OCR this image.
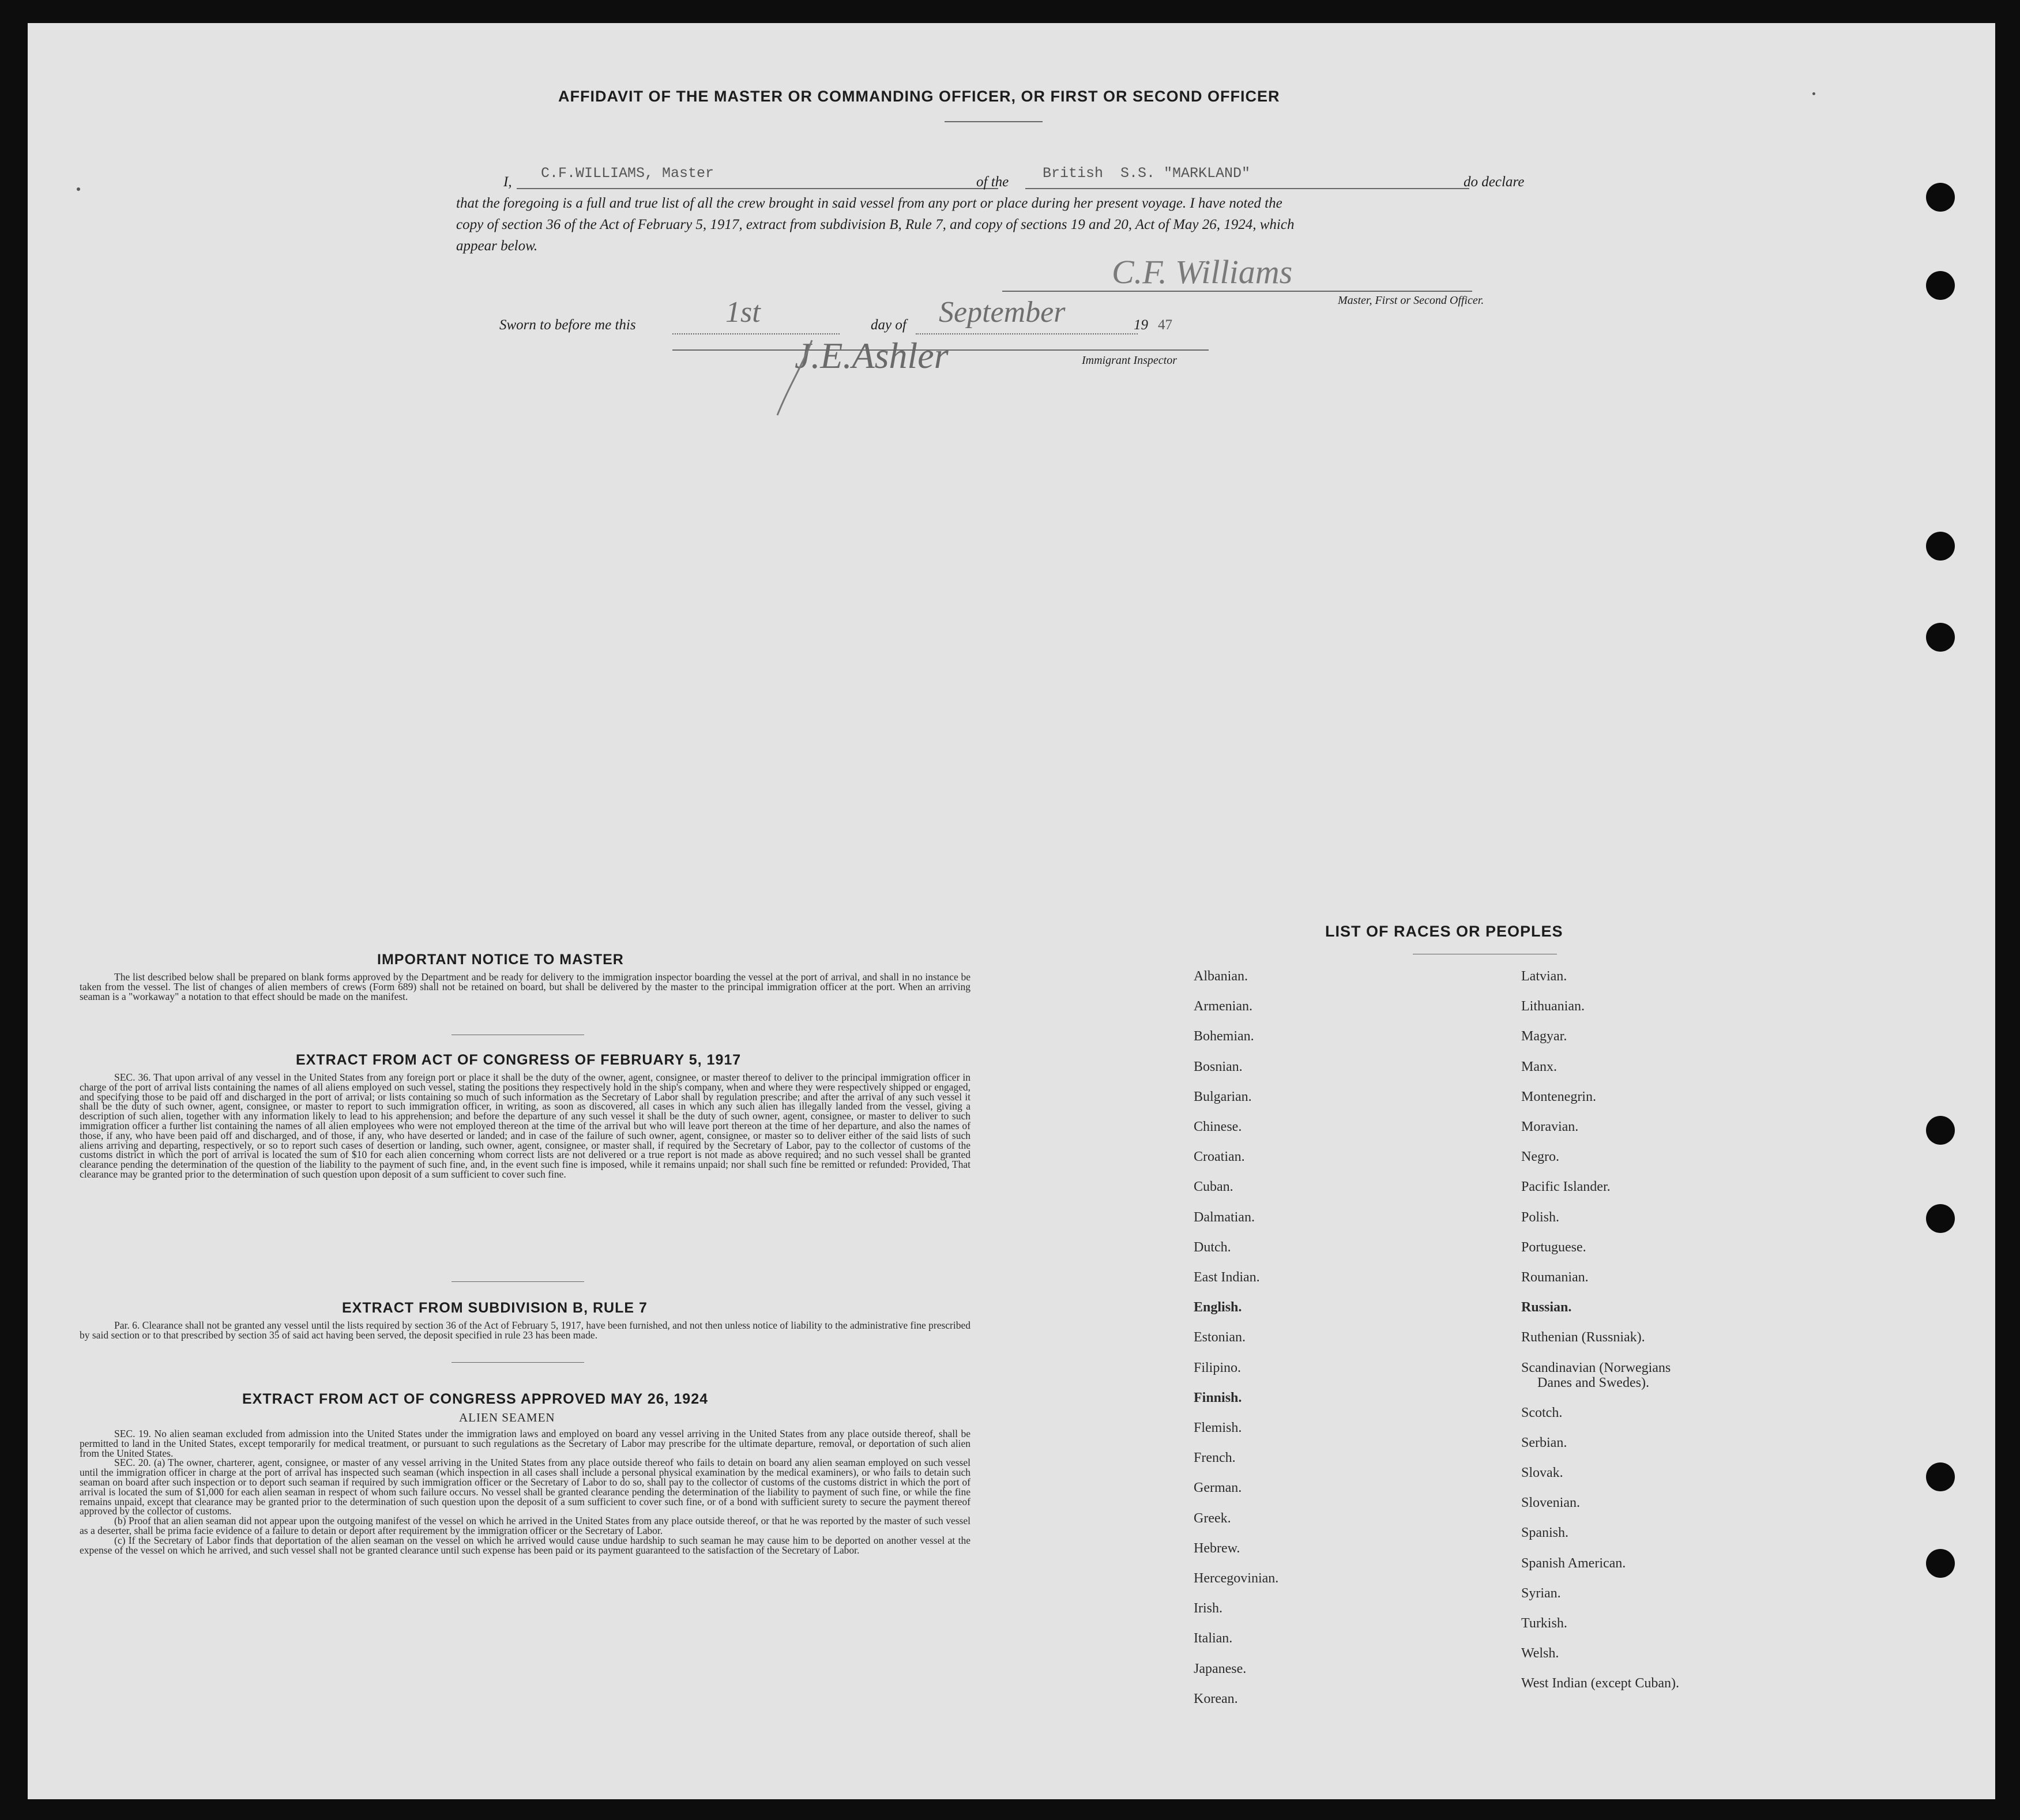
AFFIDAVIT OF THE MASTER OR COMMANDING OFFICER, OR FIRST OR SECOND OFFICER
I,
C.F.WILLIAMS, Master
of the
British  S.S. "MARKLAND"
do declare
that the foregoing is a full and true list of all the crew brought in said vessel from any port or place during her present voyage. I have noted the
copy of section 36 of the Act of February 5, 1917, extract from subdivision B, Rule 7, and copy of sections 19 and 20, Act of May 26, 1924, which
appear below.
C.F. Williams
Master, First or Second Officer.
Sworn to before me this	1st	day of September	19 47
J.E.Ashler	Immigrant Inspector
IMPORTANT NOTICE TO MASTER

The list described below shall be prepared on blank forms approved by the Department and be ready for delivery to the immigration inspector boarding the vessel at the port of arrival, and shall in no instance be taken from the vessel. The list of changes of alien members of crews (Form 689) shall not be retained on board, but shall be delivered by the master to the principal immigration officer at the port. When an arriving seaman is a "workaway" a notation to that effect should be made on the manifest.

EXTRACT FROM ACT OF CONGRESS OF FEBRUARY 5, 1917

SEC. 36. That upon arrival of any vessel in the United States from any foreign port or place it shall be the duty of the owner, agent, consignee, or master thereof to deliver to the principal immigration officer in charge of the port of arrival lists containing the names of all aliens employed on such vessel, stating the positions they respectively hold in the ship's company, when and where they were respectively shipped or engaged, and specifying those to be paid off and discharged in the port of arrival; or lists containing so much of such information as the Secretary of Labor shall by regulation prescribe; and after the arrival of any such vessel it shall be the duty of such owner, agent, consignee, or master to report to such immigration officer, in writing, as soon as discovered, all cases in which any such alien has illegally landed from the vessel, giving a description of such alien, together with any information likely to lead to his apprehension; and before the departure of any such vessel it shall be the duty of such owner, agent, consignee, or master to deliver to such immigration officer a further list containing the names of all alien employees who were not employed thereon at the time of the arrival but who will leave port thereon at the time of her departure, and also the names of those, if any, who have been paid off and discharged, and of those, if any, who have deserted or landed; and in case of the failure of such owner, agent, consignee, or master so to deliver either of the said lists of such aliens arriving and departing, respectively, or so to report such cases of desertion or landing, such owner, agent, consignee, or master shall, if required by the Secretary of Labor, pay to the collector of customs of the customs district in which the port of arrival is located the sum of $10 for each alien concerning whom correct lists are not delivered or a true report is not made as above required; and no such vessel shall be granted clearance pending the determination of the question of the liability to the payment of such fine, and, in the event such fine is imposed, while it remains unpaid; nor shall such fine be remitted or refunded: Provided, That clearance may be granted prior to the determination of such question upon deposit of a sum sufficient to cover such fine.

EXTRACT FROM SUBDIVISION B, RULE 7

Par. 6. Clearance shall not be granted any vessel until the lists required by section 36 of the Act of February 5, 1917, have been furnished, and not then unless notice of liability to the administrative fine prescribed by said section or to that prescribed by section 35 of said act having been served, the deposit specified in rule 23 has been made.

EXTRACT FROM ACT OF CONGRESS APPROVED MAY 26, 1924
ALIEN SEAMEN

SEC. 19. No alien seaman excluded from admission into the United States under the immigration laws and employed on board any vessel arriving in the United States from any place outside thereof, shall be permitted to land in the United States, except temporarily for medical treatment, or pursuant to such regulations as the Secretary of Labor may prescribe for the ultimate departure, removal, or deportation of such alien from the United States.

SEC. 20. (a) The owner, charterer, agent, consignee, or master of any vessel arriving in the United States from any place outside thereof who fails to detain on board any alien seaman employed on such vessel until the immigration officer in charge at the port of arrival has inspected such seaman (which inspection in all cases shall include a personal physical examination by the medical examiners), or who fails to detain such seaman on board after such inspection or to deport such seaman if required by such immigration officer or the Secretary of Labor to do so, shall pay to the collector of customs of the customs district in which the port of arrival is located the sum of $1,000 for each alien seaman in respect of whom such failure occurs. No vessel shall be granted clearance pending the determination of the liability to payment of such fine, or while the fine remains unpaid, except that clearance may be granted prior to the determination of such question upon the deposit of a sum sufficient to cover such fine, or of a bond with sufficient surety to secure the payment thereof approved by the collector of customs.

(b) Proof that an alien seaman did not appear upon the outgoing manifest of the vessel on which he arrived in the United States from any place outside thereof, or that he was reported by the master of such vessel as a deserter, shall be prima facie evidence of a failure to detain or deport after requirement by the immigration officer or the Secretary of Labor.

(c) If the Secretary of Labor finds that deportation of the alien seaman on the vessel on which he arrived would cause undue hardship to such seaman he may cause him to be deported on another vessel at the expense of the vessel on which he arrived, and such vessel shall not be granted clearance until such expense has been paid or its payment guaranteed to the satisfaction of the Secretary of Labor.

LIST OF RACES OR PEOPLES
Albanian.
Armenian.
Bohemian.
Bosnian.
Bulgarian.
Chinese.
Croatian.
Cuban.
Dalmatian.
Dutch.
East Indian.
English.
Estonian.
Filipino.
Finnish.
Flemish.
French.
German.
Greek.
Hebrew.
Hercegovinian.
Irish.
Italian.
Japanese.
Korean.
Latvian.
Lithuanian.
Magyar.
Manx.
Montenegrin.
Moravian.
Negro.
Pacific Islander.
Polish.
Portuguese.
Roumanian.
Russian.
Ruthenian (Russniak).
Scandinavian (Norwegians
Danes and Swedes).
Scotch.
Serbian.
Slovak.
Slovenian.
Spanish.
Spanish American.
Syrian.
Turkish.
Welsh.
West Indian (except Cuban).
